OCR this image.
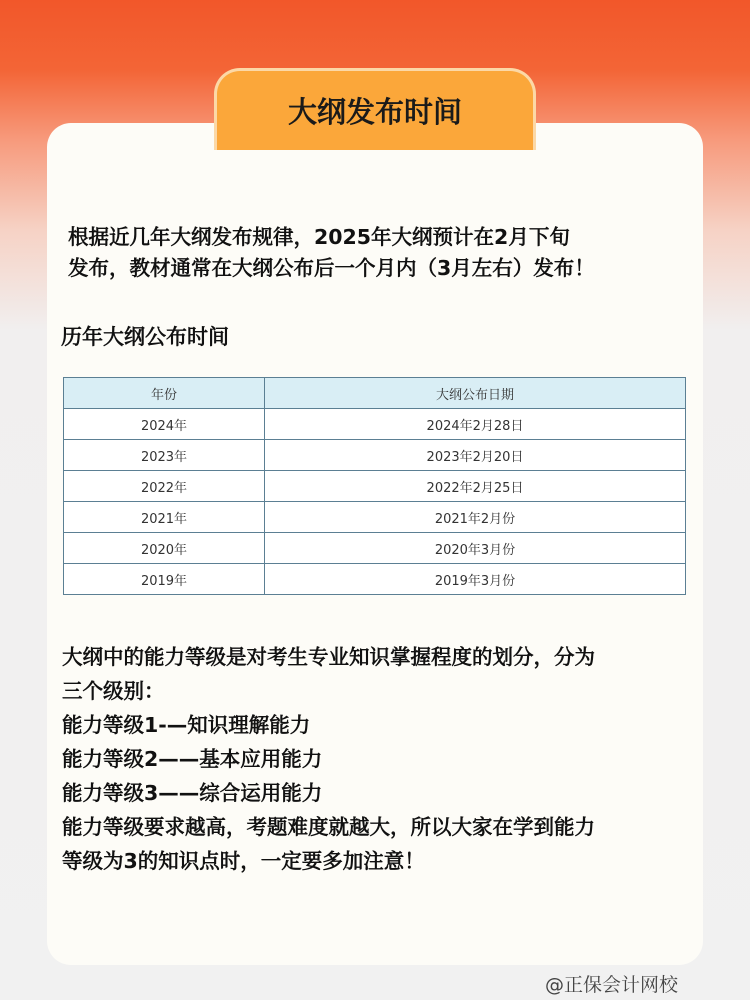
大纲发布时间

根据近几年大纲发布规律，2025年大纲预计在2月下旬
发布，教材通常在大纲公布后一个月内（3月左右）发布！

历年大纲公布时间
年份	大纲公布日期
2024年	2024年2月28日
2023年	2023年2月20日
2022年	2022年2月25日
2021年	2021年2月份
2020年	2020年3月份
2019年	2019年3月份
大纲中的能力等级是对考生专业知识掌握程度的划分，分为
三个级别：
能力等级1-—知识理解能力
能力等级2——基本应用能力
能力等级3——综合运用能力
能力等级要求越高，考题难度就越大，所以大家在学到能力
等级为3的知识点时，一定要多加注意！
@正保会计网校
